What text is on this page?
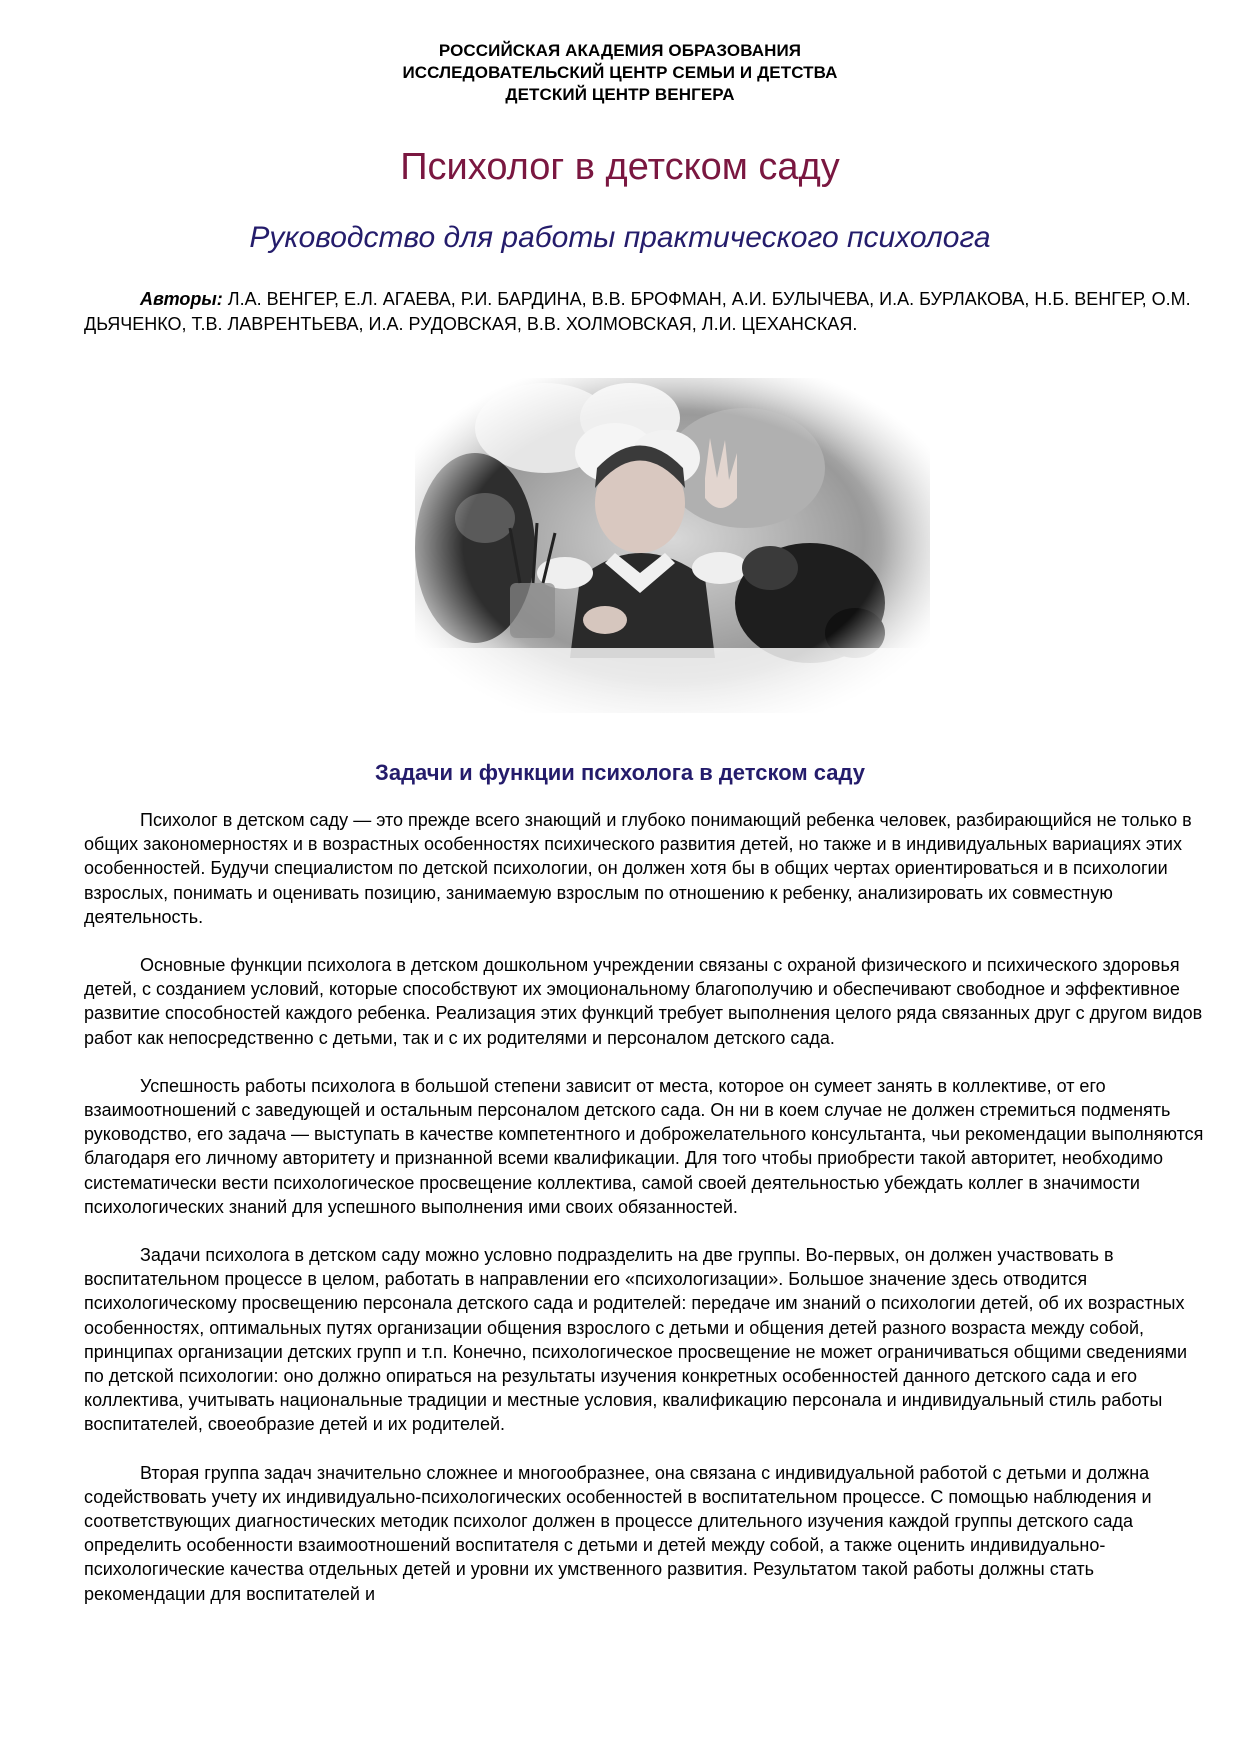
РОССИЙСКАЯ АКАДЕМИЯ ОБРАЗОВАНИЯ
ИССЛЕДОВАТЕЛЬСКИЙ ЦЕНТР СЕМЬИ И ДЕТСТВА
ДЕТСКИЙ ЦЕНТР ВЕНГЕРА
Психолог в детском саду
Руководство для работы практического психолога
Авторы: Л.А. ВЕНГЕР, Е.Л. АГАЕВА, Р.И. БАРДИНА, В.В. БРОФМАН, А.И. БУЛЫЧЕВА, И.А. БУРЛАКОВА, Н.Б. ВЕНГЕР, О.М. ДЬЯЧЕНКО, Т.В. ЛАВРЕНТЬЕВА, И.А. РУДОВСКАЯ, В.В. ХОЛМОВСКАЯ, Л.И. ЦЕХАНСКАЯ.
Задачи и функции психолога в детском саду

Психолог в детском саду — это прежде всего знающий и глубоко понимающий ребенка человек, разбирающийся не только в общих закономерностях и в возрастных особенностях психического развития детей, но также и в индивидуальных вариациях этих особенностей. Будучи специалистом по детской психологии, он должен хотя бы в общих чертах ориентироваться и в психологии взрослых, понимать и оценивать позицию, занимаемую взрослым по отношению к ребенку, анализировать их совместную деятельность.

Основные функции психолога в детском дошкольном учреждении связаны с охраной физического и психического здоровья детей, с созданием условий, которые способствуют их эмоциональному благополучию и обеспечивают свободное и эффективное развитие способностей каждого ребенка. Реализация этих функций требует выполнения целого ряда связанных друг с другом видов работ как непосредственно с детьми, так и с их родителями и персоналом детского сада.

Успешность работы психолога в большой степени зависит от места, которое он сумеет занять в коллективе, от его взаимоотношений с заведующей и остальным персоналом детского сада. Он ни в коем случае не должен стремиться подменять руководство, его задача — выступать в качестве компетентного и доброжелательного консультанта, чьи рекомендации выполняются благодаря его личному авторитету и признанной всеми квалификации. Для того чтобы приобрести такой авторитет, необходимо систематически вести психологическое просвещение коллектива, самой своей деятельностью убеждать коллег в значимости психологических знаний для успешного выполнения ими своих обязанностей.

Задачи психолога в детском саду можно условно подразделить на две группы. Во-первых, он должен участвовать в воспитательном процессе в целом, работать в направлении его «психологизации». Большое значение здесь отводится психологическому просвещению персонала детского сада и родителей: передаче им знаний о психологии детей, об их возрастных особенностях, оптимальных путях организации общения взрослого с детьми и общения детей разного возраста между собой, принципах организации детских групп и т.п. Конечно, психологическое просвещение не может ограничиваться общими сведениями по детской психологии: оно должно опираться на результаты изучения конкретных особенностей данного детского сада и его коллектива, учитывать национальные традиции и местные условия, квалификацию персонала и индивидуальный стиль работы воспитателей, своеобразие детей и их родителей.

Вторая группа задач значительно сложнее и многообразнее, она связана с индивидуальной работой с детьми и должна содействовать учету их индивидуально-психологических особенностей в воспитательном процессе. С помощью наблюдения и соответствующих диагностических методик психолог должен в процессе длительного изучения каждой группы детского сада определить особенности взаимоотношений воспитателя с детьми и детей между собой, а также оценить индивидуально-психологические качества отдельных детей и уровни их умственного развития. Результатом такой работы должны стать рекомендации для воспитателей и
